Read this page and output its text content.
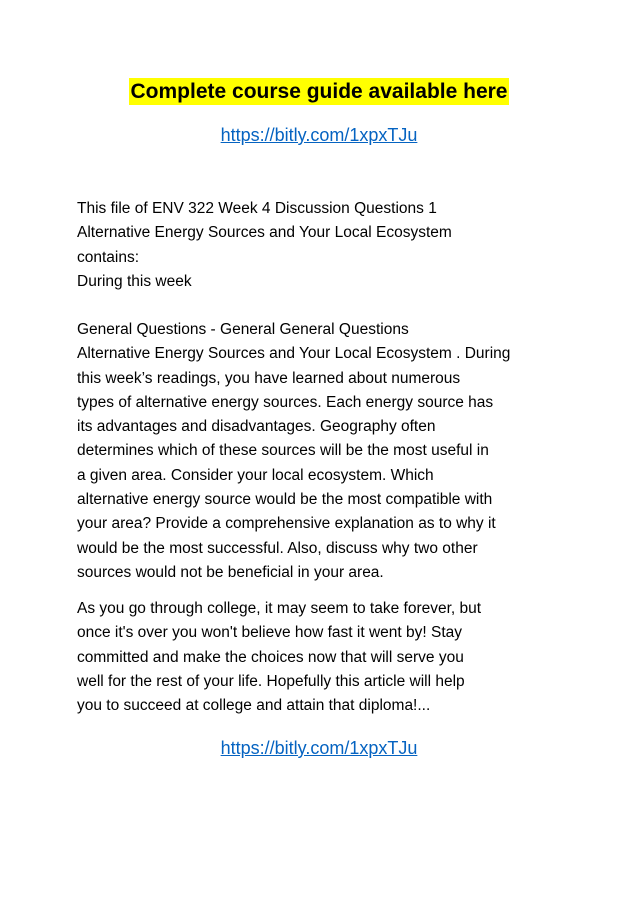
Complete course guide available here
https://bitly.com/1xpxTJu
This file of ENV 322 Week 4 Discussion Questions 1
Alternative Energy Sources and Your Local Ecosystem
contains:
During this week
General Questions - General General Questions
Alternative Energy Sources and Your Local Ecosystem . During
this week’s readings, you have learned about numerous
types of alternative energy sources. Each energy source has
its advantages and disadvantages. Geography often
determines which of these sources will be the most useful in
a given area. Consider your local ecosystem. Which
alternative energy source would be the most compatible with
your area? Provide a comprehensive explanation as to why it
would be the most successful. Also, discuss why two other
sources would not be beneficial in your area.
As you go through college, it may seem to take forever, but
once it's over you won't believe how fast it went by! Stay
committed and make the choices now that will serve you
well for the rest of your life. Hopefully this article will help
you to succeed at college and attain that diploma!...
https://bitly.com/1xpxTJu
